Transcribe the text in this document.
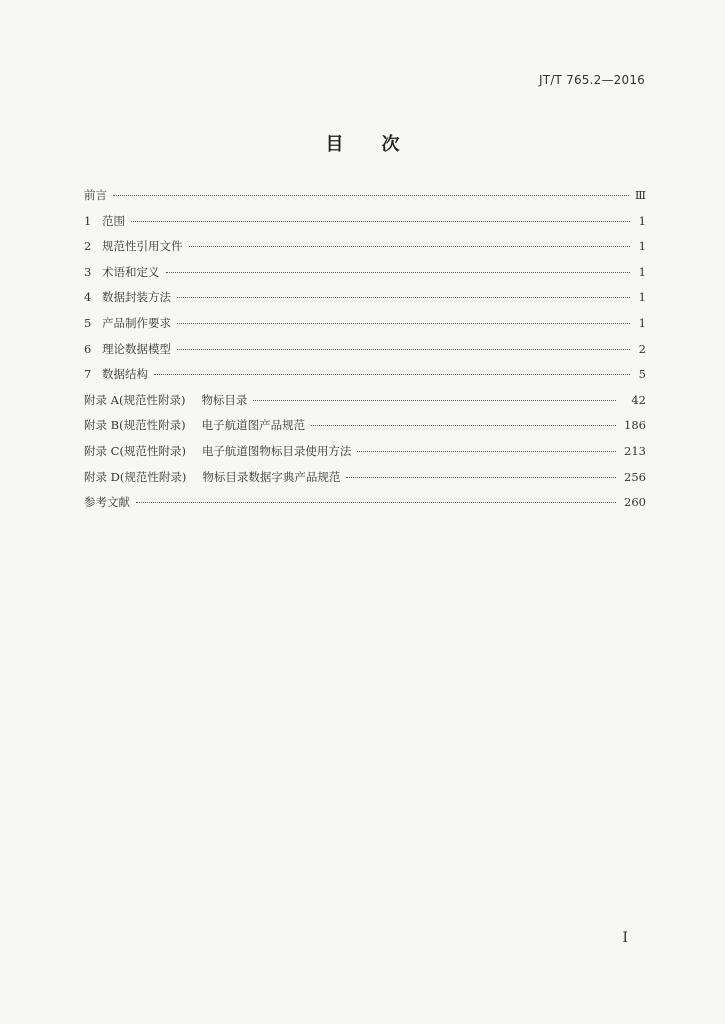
JT/T 765.2—2016
目 次
前言	Ⅲ
1 范围	1
2 规范性引用文件	1
3 术语和定义	1
4 数据封装方法	1
5 产品制作要求	1
6 理论数据模型	2
7 数据结构	5
附录 A(规范性附录) 物标目录	42
附录 B(规范性附录) 电子航道图产品规范	186
附录 C(规范性附录) 电子航道图物标目录使用方法	213
附录 D(规范性附录) 物标目录数据字典产品规范	256
参考文献	260
I
